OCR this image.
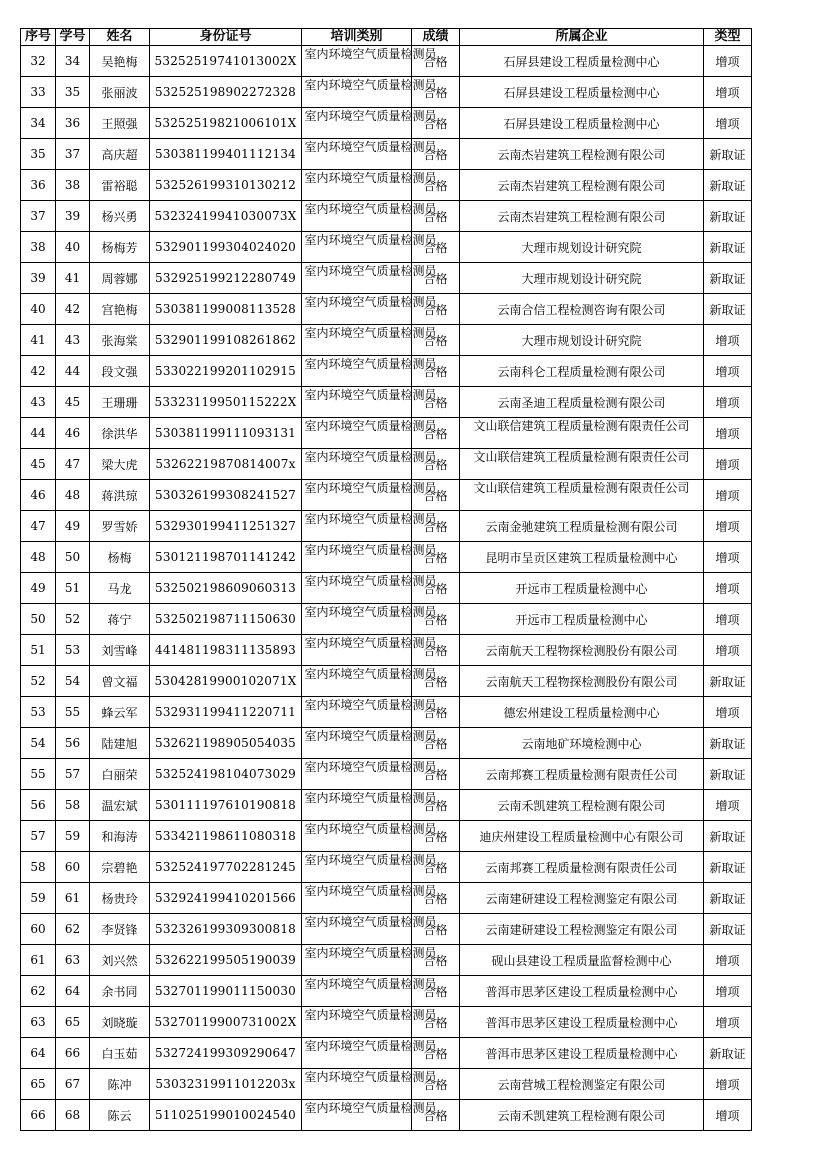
序号	学号	姓名	身份证号	培训类别	成绩	所属企业	类型
32	34	吴艳梅	53252519741013002X	室内环境空气质量检测员	合格	石屏县建设工程质量检测中心	增项
33	35	张丽波	532525198902272328	室内环境空气质量检测员	合格	石屏县建设工程质量检测中心	增项
34	36	王照强	53252519821006101X	室内环境空气质量检测员	合格	石屏县建设工程质量检测中心	增项
35	37	高庆超	530381199401112134	室内环境空气质量检测员	合格	云南杰岩建筑工程检测有限公司	新取证
36	38	雷裕聪	532526199310130212	室内环境空气质量检测员	合格	云南杰岩建筑工程检测有限公司	新取证
37	39	杨兴勇	53232419941030073X	室内环境空气质量检测员	合格	云南杰岩建筑工程检测有限公司	新取证
38	40	杨梅芳	532901199304024020	室内环境空气质量检测员	合格	大理市规划设计研究院	新取证
39	41	周蓉娜	532925199212280749	室内环境空气质量检测员	合格	大理市规划设计研究院	新取证
40	42	宫艳梅	530381199008113528	室内环境空气质量检测员	合格	云南合信工程检测咨询有限公司	新取证
41	43	张海棠	532901199108261862	室内环境空气质量检测员	合格	大理市规划设计研究院	增项
42	44	段文强	533022199201102915	室内环境空气质量检测员	合格	云南科仑工程质量检测有限公司	增项
43	45	王珊珊	53323119950115222X	室内环境空气质量检测员	合格	云南圣迪工程质量检测有限公司	增项
44	46	徐洪华	530381199111093131	室内环境空气质量检测员	合格	文山联信建筑工程质量检测有限责任公司	增项
45	47	梁大虎	53262219870814007x	室内环境空气质量检测员	合格	文山联信建筑工程质量检测有限责任公司	增项
46	48	蒋洪琼	530326199308241527	室内环境空气质量检测员	合格	文山联信建筑工程质量检测有限责任公司	增项
47	49	罗雪娇	532930199411251327	室内环境空气质量检测员	合格	云南金驰建筑工程质量检测有限公司	增项
48	50	杨梅	530121198701141242	室内环境空气质量检测员	合格	昆明市呈贡区建筑工程质量检测中心	增项
49	51	马龙	532502198609060313	室内环境空气质量检测员	合格	开远市工程质量检测中心	增项
50	52	蒋宁	532502198711150630	室内环境空气质量检测员	合格	开远市工程质量检测中心	增项
51	53	刘雪峰	441481198311135893	室内环境空气质量检测员	合格	云南航天工程物探检测股份有限公司	增项
52	54	曾文福	53042819900102071X	室内环境空气质量检测员	合格	云南航天工程物探检测股份有限公司	新取证
53	55	蜂云军	532931199411220711	室内环境空气质量检测员	合格	德宏州建设工程质量检测中心	增项
54	56	陆建旭	532621198905054035	室内环境空气质量检测员	合格	云南地矿环境检测中心	新取证
55	57	白丽荣	532524198104073029	室内环境空气质量检测员	合格	云南邦赛工程质量检测有限责任公司	新取证
56	58	温宏斌	530111197610190818	室内环境空气质量检测员	合格	云南禾凯建筑工程检测有限公司	增项
57	59	和海涛	533421198611080318	室内环境空气质量检测员	合格	迪庆州建设工程质量检测中心有限公司	新取证
58	60	宗碧艳	532524197702281245	室内环境空气质量检测员	合格	云南邦赛工程质量检测有限责任公司	新取证
59	61	杨贵玲	532924199410201566	室内环境空气质量检测员	合格	云南建研建设工程检测鉴定有限公司	新取证
60	62	李贤锋	532326199309300818	室内环境空气质量检测员	合格	云南建研建设工程检测鉴定有限公司	新取证
61	63	刘兴然	532622199505190039	室内环境空气质量检测员	合格	砚山县建设工程质量监督检测中心	增项
62	64	余书同	532701199011150030	室内环境空气质量检测员	合格	普洱市思茅区建设工程质量检测中心	增项
63	65	刘晓璇	53270119900731002X	室内环境空气质量检测员	合格	普洱市思茅区建设工程质量检测中心	增项
64	66	白玉茹	532724199309290647	室内环境空气质量检测员	合格	普洱市思茅区建设工程质量检测中心	新取证
65	67	陈冲	53032319911012203x	室内环境空气质量检测员	合格	云南营城工程检测鉴定有限公司	增项
66	68	陈云	511025199010024540	室内环境空气质量检测员	合格	云南禾凯建筑工程检测有限公司	增项
